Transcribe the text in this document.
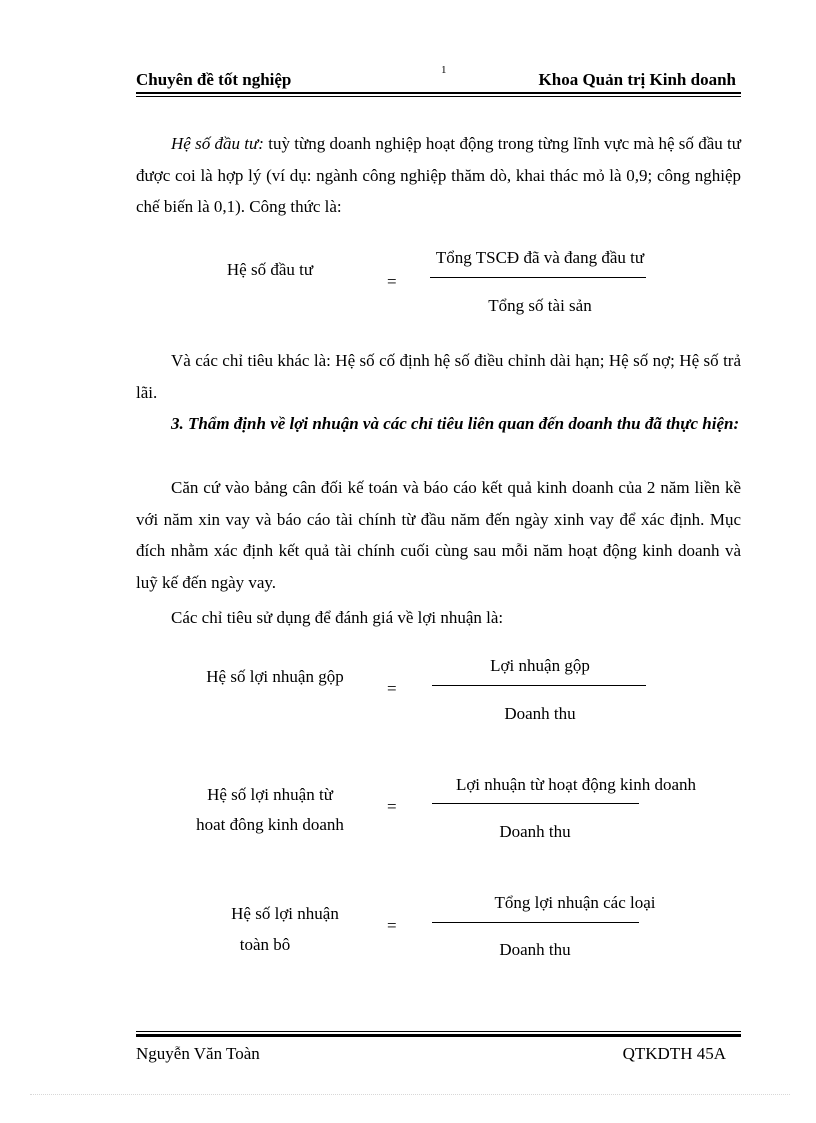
Chuyên đề tốt nghiệp	1	Khoa Quản trị Kinh doanh
Hệ số đầu tư: tuỳ từng doanh nghiệp hoạt động trong từng lĩnh vực mà hệ số đầu tư được coi là hợp lý (ví dụ: ngành công nghiệp thăm dò, khai thác mỏ là 0,9; công nghiệp chế biến là 0,1). Công thức là:
Hệ số đầu tư
=
Tổng TSCĐ đã và đang đầu tư
Tổng số tài sản
Và các chỉ tiêu khác là: Hệ số cố định hệ số điều chỉnh dài hạn; Hệ số nợ; Hệ số trả lãi.
3. Thẩm định về lợi nhuận và các chỉ tiêu liên quan đến doanh thu đã thực hiện:
Căn cứ vào bảng cân đối kế toán và báo cáo kết quả kinh doanh của 2 năm liền kề với năm xin vay và báo cáo tài chính từ đầu năm đến ngày xinh vay để xác định. Mục đích nhằm xác định kết quả tài chính cuối cùng sau mỗi năm hoạt động kinh doanh và luỹ kế đến ngày vay.
Các chỉ tiêu sử dụng để đánh giá về lợi nhuận là:
Hệ số lợi nhuận gộp
=
Lợi nhuận gộp
Doanh thu
Hệ số lợi nhuận từ
hoat đông kinh doanh
=
Lợi nhuận từ hoạt động kinh doanh
Doanh thu
Hệ số lợi nhuận
toàn bô
=
Tổng lợi nhuận các loại
Doanh thu
Nguyễn Văn Toàn	QTKDTH 45A
